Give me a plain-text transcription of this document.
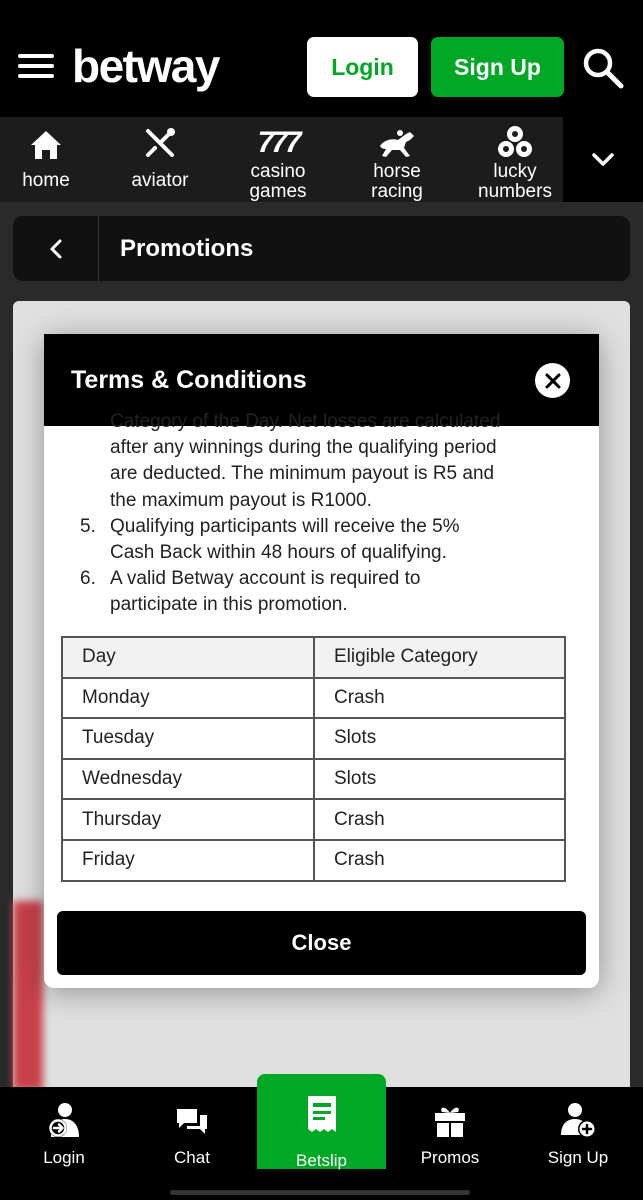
betway	Login	Sign Up
home	aviator
777
casino
games
horse
racing
lucky
numbers
Promotions
Terms & Conditions
Category of the Day. Net losses are calculated
after any winnings during the qualifying period
are deducted. The minimum payout is R5 and
the maximum payout is R1000.
5. Qualifying participants will receive the 5%
Cash Back within 48 hours of qualifying.
6. A valid Betway account is required to
participate in this promotion.
Day	Eligible Category
Monday	Crash
Tuesday	Slots
Wednesday	Slots
Thursday	Crash
Friday	Crash
Close
Login	Chat	Promos	Sign Up
Betslip
